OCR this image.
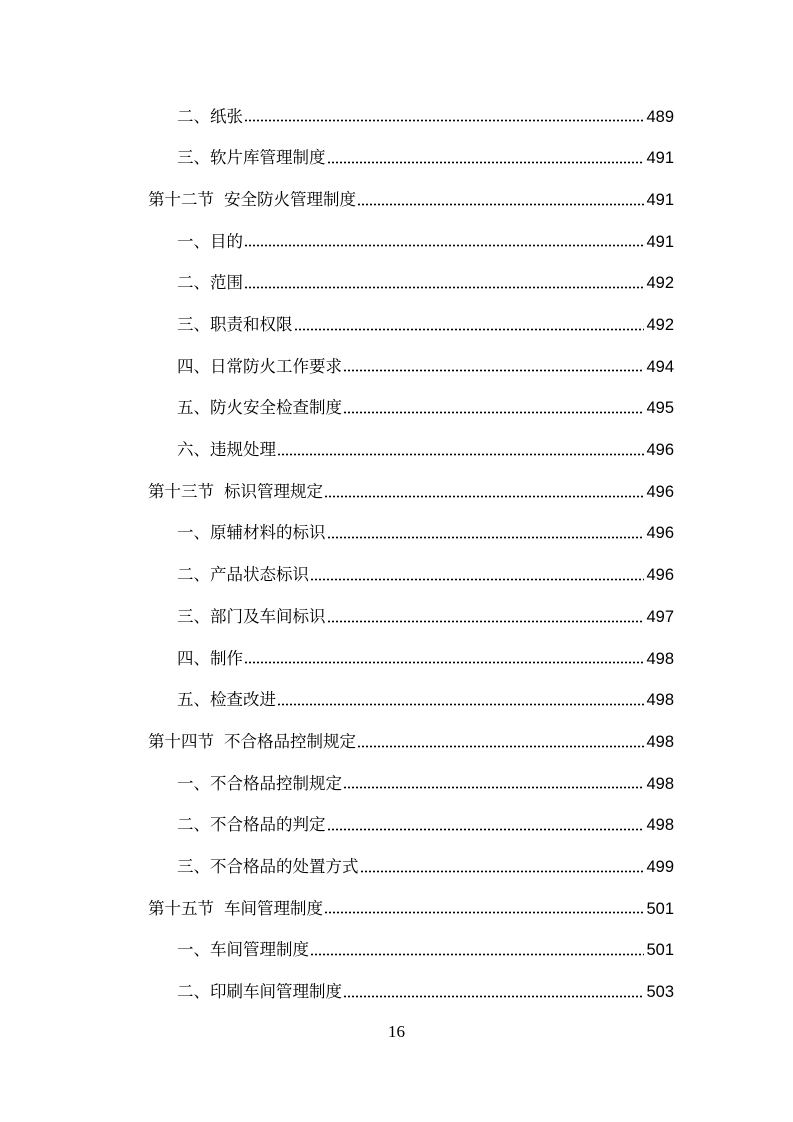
二、纸张	489
三、软片库管理制度	491
第十二节 安全防火管理制度	491
一、目的	491
二、范围	492
三、职责和权限	492
四、日常防火工作要求	494
五、防火安全检查制度	495
六、违规处理	496
第十三节 标识管理规定	496
一、原辅材料的标识	496
二、产品状态标识	496
三、部门及车间标识	497
四、制作	498
五、检查改进	498
第十四节 不合格品控制规定	498
一、不合格品控制规定	498
二、不合格品的判定	498
三、不合格品的处置方式	499
第十五节 车间管理制度	501
一、车间管理制度	501
二、印刷车间管理制度	503
16
